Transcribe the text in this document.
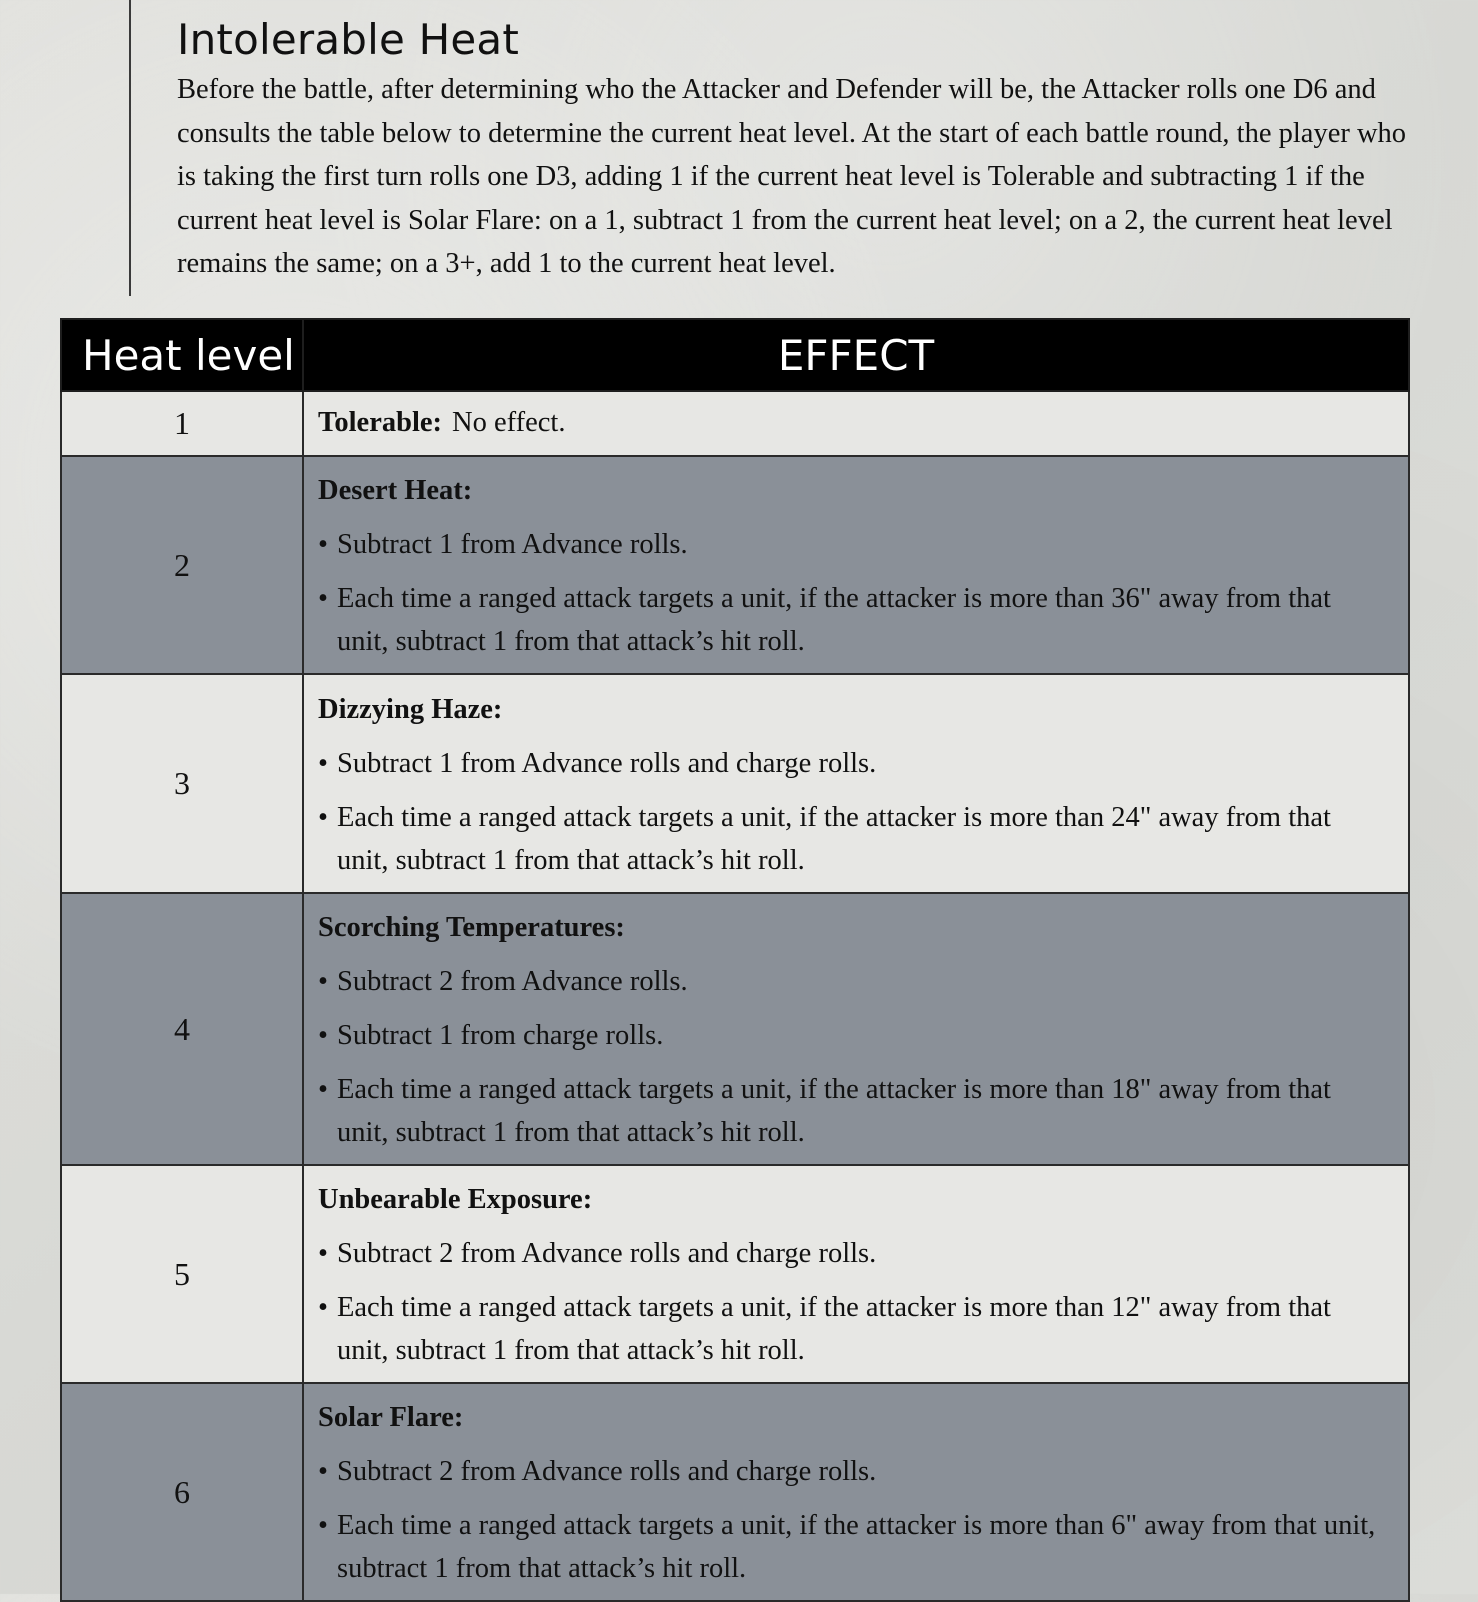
Intolerable Heat

Before the battle, after determining who the Attacker and Defender will be, the Attacker rolls one D6 and consults the table below to determine the current heat level. At the start of each battle round, the player who is taking the first turn rolls one D3, adding 1 if the current heat level is Tolerable and subtracting 1 if the current heat level is Solar Flare: on a 1, subtract 1 from the current heat level; on a 2, the current heat level remains the same; on a 3+, add 1 to the current heat level.

Heat level	EFFECT
1	Tolerable: No effect.

2	Desert Heat:
• Subtract 1 from Advance rolls.
• Each time a ranged attack targets a unit, if the attacker is more than 36" away from that unit, subtract 1 from that attack’s hit roll.

3	Dizzying Haze:
• Subtract 1 from Advance rolls and charge rolls.
• Each time a ranged attack targets a unit, if the attacker is more than 24" away from that unit, subtract 1 from that attack’s hit roll.

4	Scorching Temperatures:
• Subtract 2 from Advance rolls.
• Subtract 1 from charge rolls.
• Each time a ranged attack targets a unit, if the attacker is more than 18" away from that unit, subtract 1 from that attack’s hit roll.

5	Unbearable Exposure:
• Subtract 2 from Advance rolls and charge rolls.
• Each time a ranged attack targets a unit, if the attacker is more than 12" away from that unit, subtract 1 from that attack’s hit roll.

6	Solar Flare:
• Subtract 2 from Advance rolls and charge rolls.
• Each time a ranged attack targets a unit, if the attacker is more than 6" away from that unit, subtract 1 from that attack’s hit roll.
